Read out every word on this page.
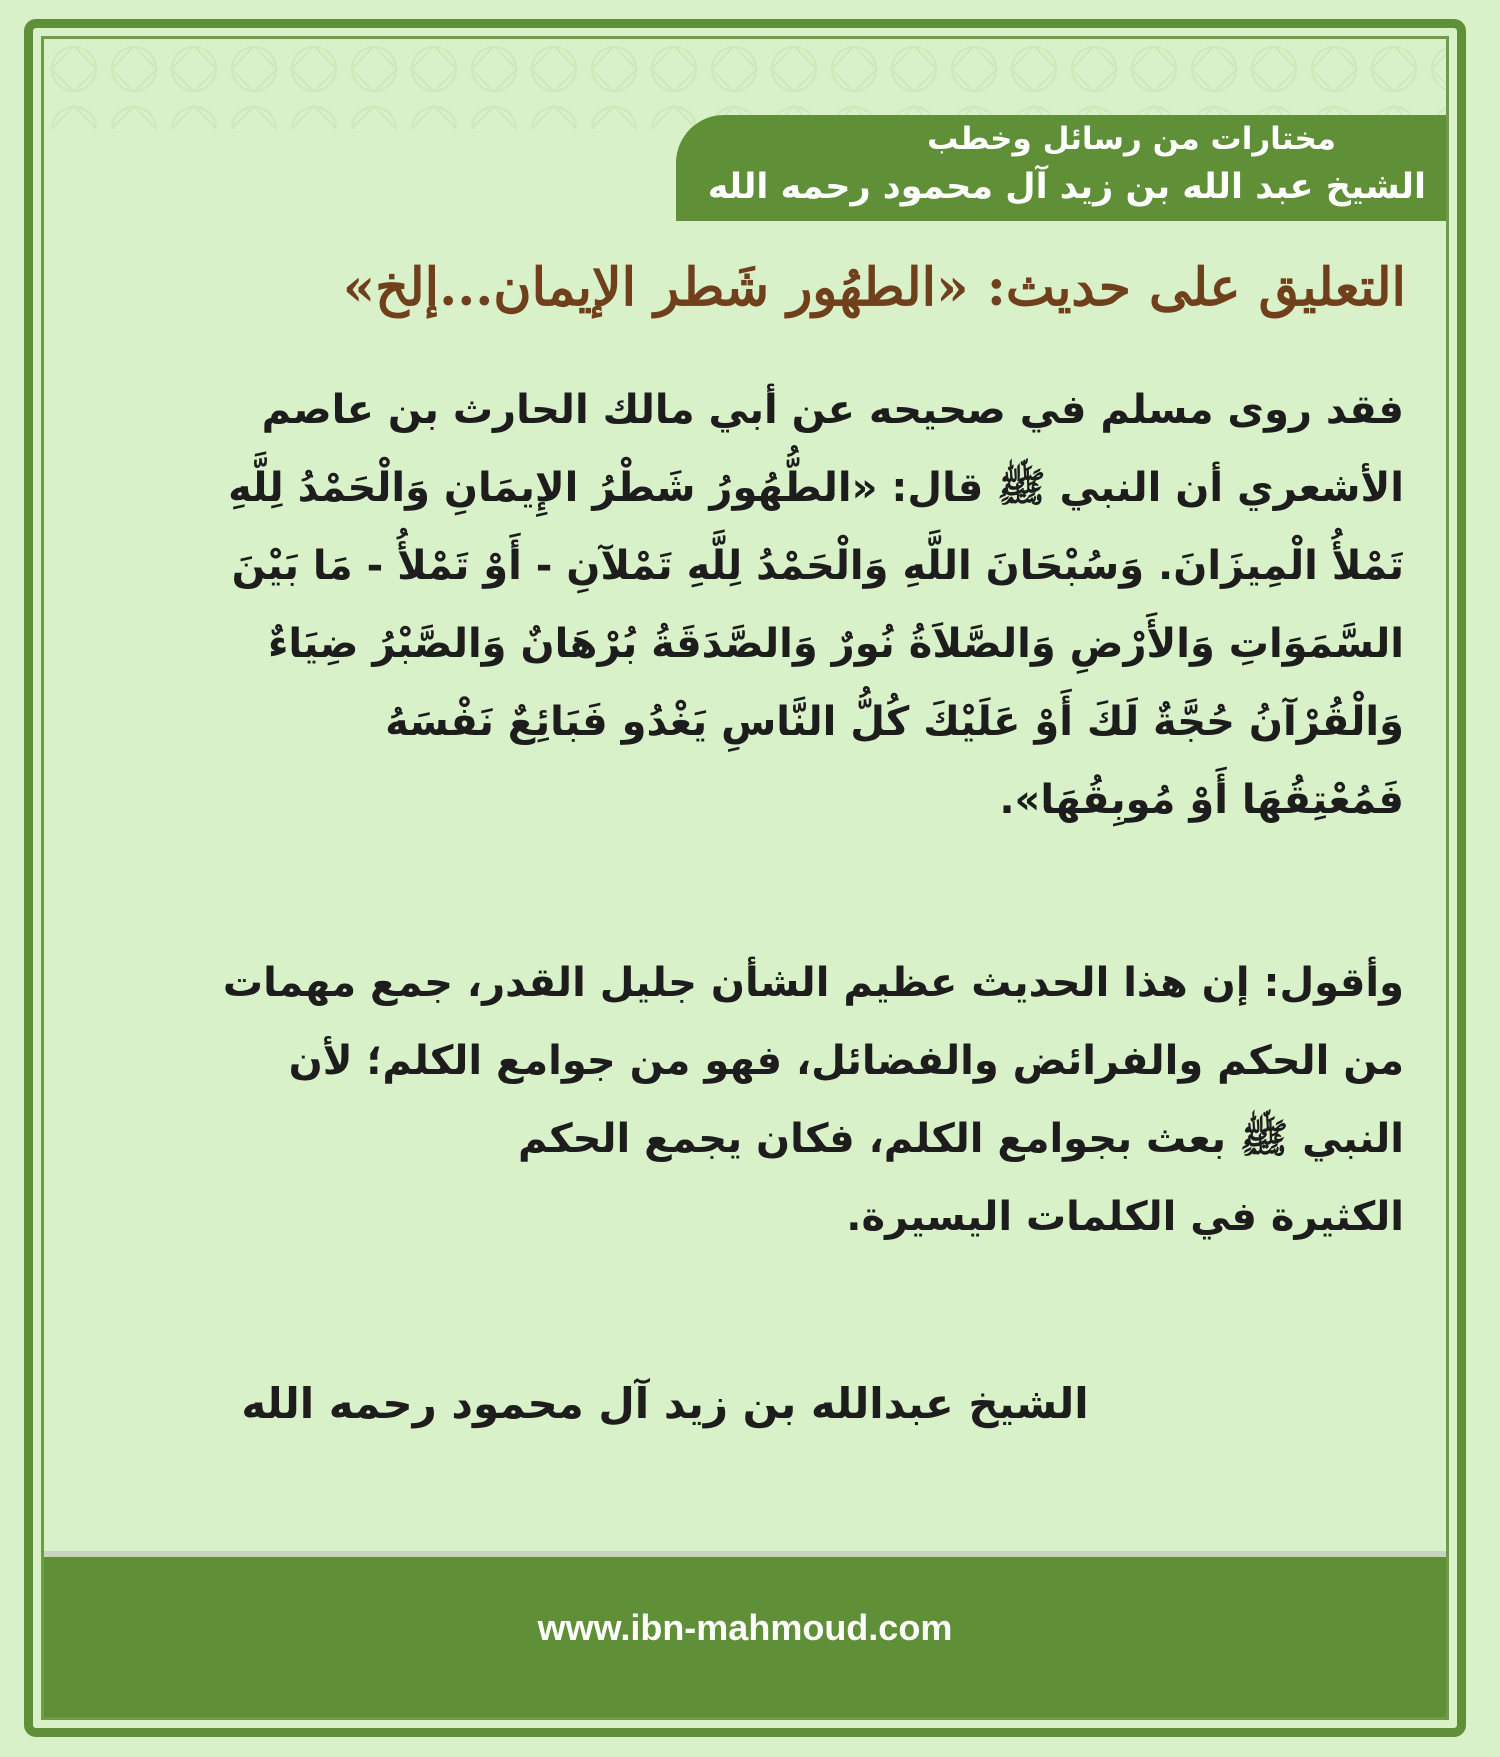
مختارات من رسائل وخطب
الشيخ عبد الله بن زيد آل محمود رحمه الله
التعليق على حديث: «الطهُور شَطر الإيمان...إلخ»
فقد روى مسلم في صحيحه عن أبي مالك الحارث بن عاصم
الأشعري أن النبي ﷺ قال: «الطُّهُورُ شَطْرُ الإِيمَانِ وَالْحَمْدُ لِلَّهِ
تَمْلأُ الْمِيزَانَ. وَسُبْحَانَ اللَّهِ وَالْحَمْدُ لِلَّهِ تَمْلآنِ - أَوْ تَمْلأُ - مَا بَيْنَ
السَّمَوَاتِ وَالأَرْضِ وَالصَّلاَةُ نُورٌ وَالصَّدَقَةُ بُرْهَانٌ وَالصَّبْرُ ضِيَاءٌ
وَالْقُرْآنُ حُجَّةٌ لَكَ أَوْ عَلَيْكَ كُلُّ النَّاسِ يَغْدُو فَبَائِعٌ نَفْسَهُ
فَمُعْتِقُهَا أَوْ مُوبِقُهَا».
وأقول: إن هذا الحديث عظيم الشأن جليل القدر، جمع مهمات
من الحكم والفرائض والفضائل، فهو من جوامع الكلم؛ لأن
النبي ﷺ بعث بجوامع الكلم، فكان يجمع الحكم
الكثيرة في الكلمات اليسيرة.
الشيخ عبدالله بن زيد آل محمود رحمه الله
www.ibn-mahmoud.com
